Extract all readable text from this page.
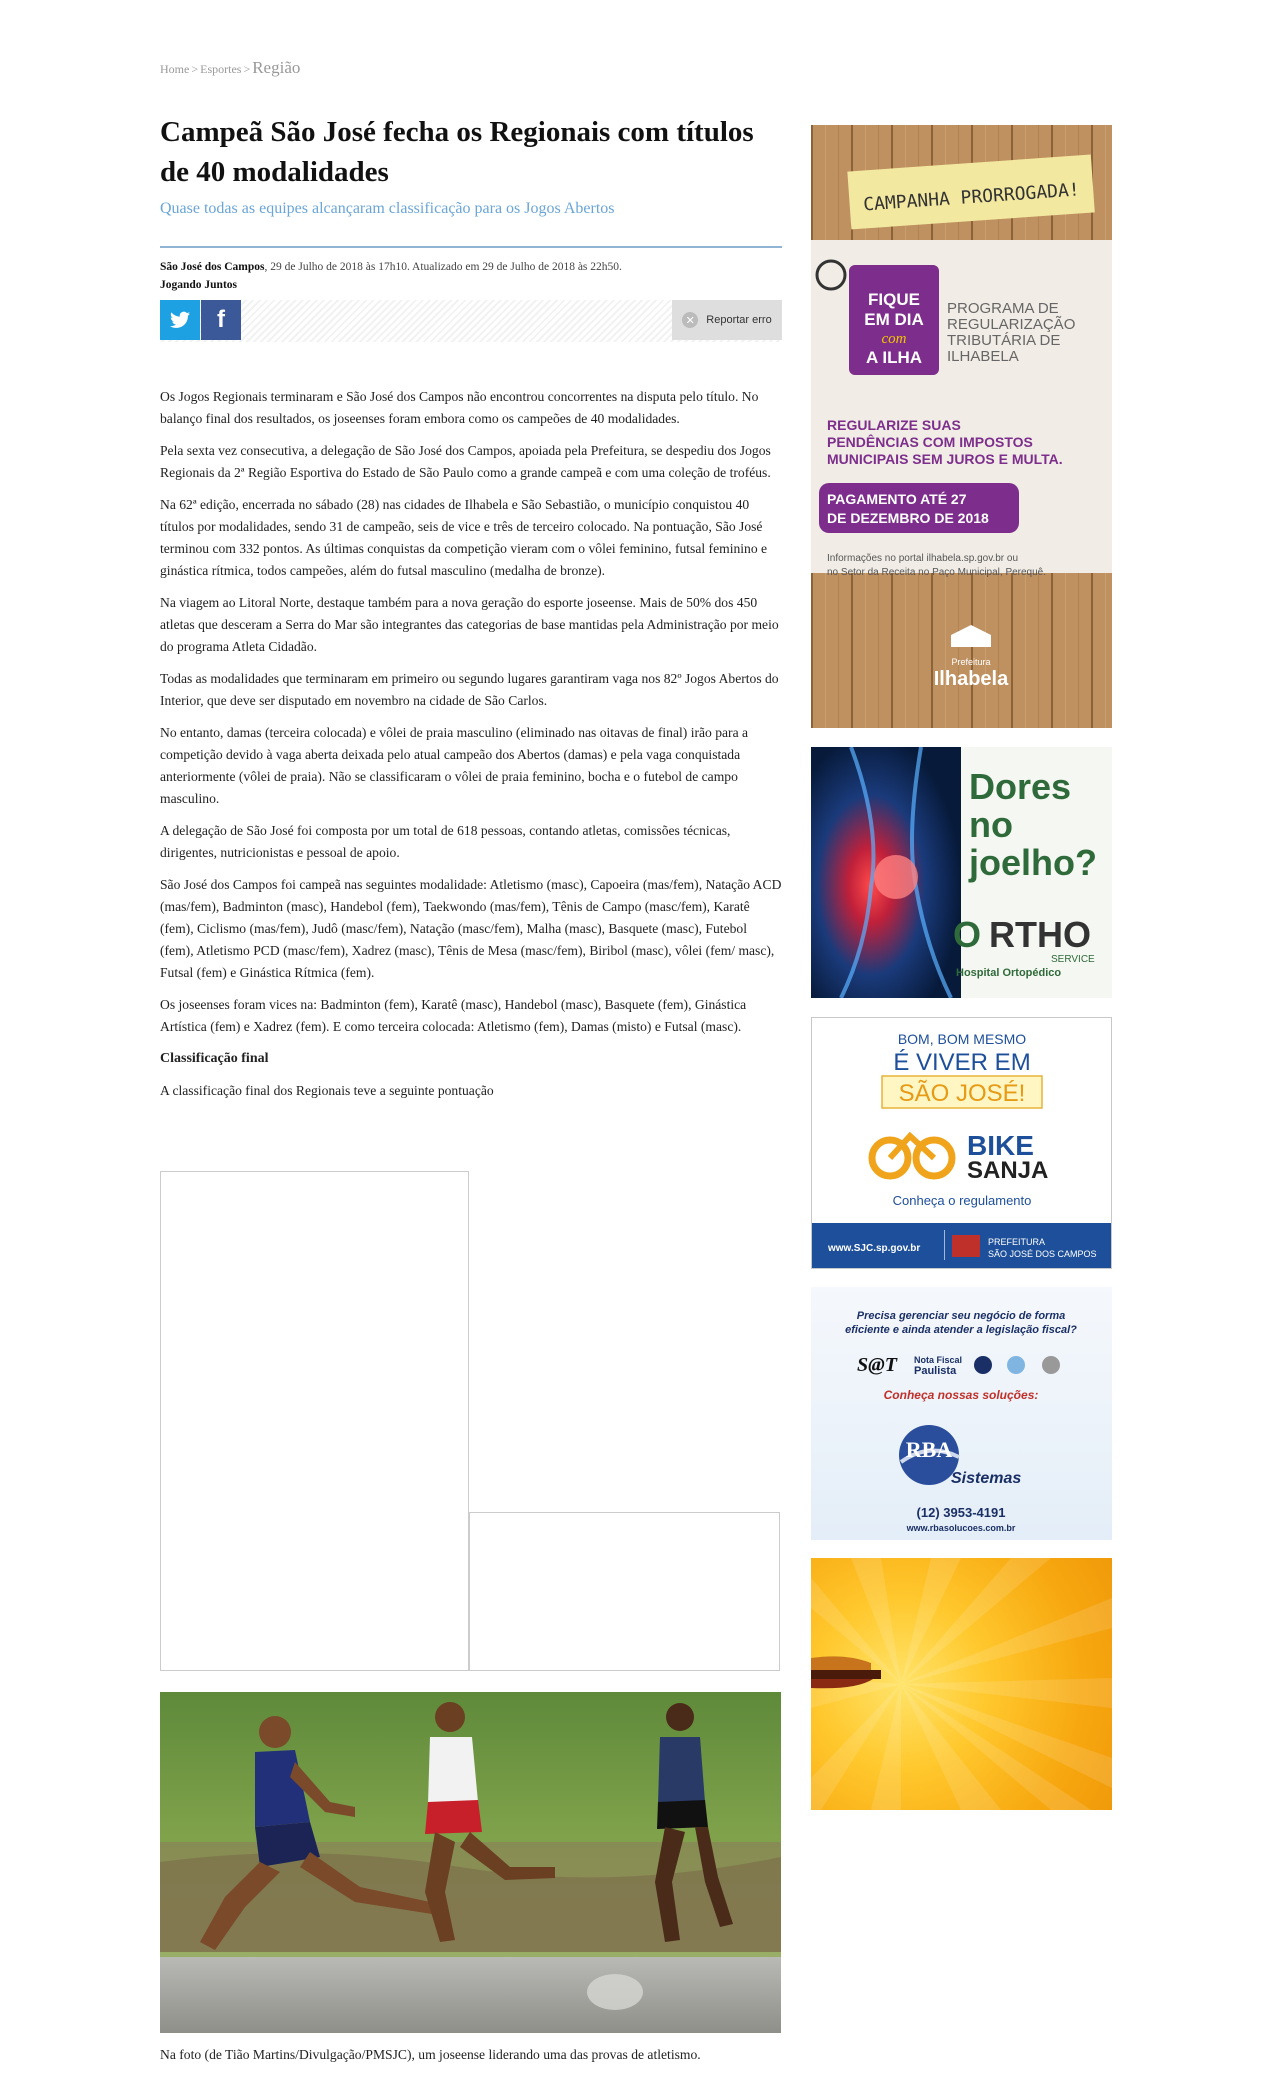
Home > Esportes > Região
Campeã São José fecha os Regionais com títulos de 40 modalidades
Quase todas as equipes alcançaram classificação para os Jogos Abertos
São José dos Campos, 29 de Julho de 2018 às 17h10. Atualizado em 29 de Julho de 2018 às 22h50.
Jogando Juntos
f	✕	Reportar erro

Os Jogos Regionais terminaram e São José dos Campos não encontrou concorrentes na disputa pelo título. No balanço final dos resultados, os joseenses foram embora como os campeões de 40 modalidades.

Pela sexta vez consecutiva, a delegação de São José dos Campos, apoiada pela Prefeitura, se despediu dos Jogos Regionais da 2ª Região Esportiva do Estado de São Paulo como a grande campeã e com uma coleção de troféus.

Na 62ª edição, encerrada no sábado (28) nas cidades de Ilhabela e São Sebastião, o município conquistou 40 títulos por modalidades, sendo 31 de campeão, seis de vice e três de terceiro colocado. Na pontuação, São José terminou com 332 pontos. As últimas conquistas da competição vieram com o vôlei feminino, futsal feminino e ginástica rítmica, todos campeões, além do futsal masculino (medalha de bronze).

Na viagem ao Litoral Norte, destaque também para a nova geração do esporte joseense. Mais de 50% dos 450 atletas que desceram a Serra do Mar são integrantes das categorias de base mantidas pela Administração por meio do programa Atleta Cidadão.

Todas as modalidades que terminaram em primeiro ou segundo lugares garantiram vaga nos 82º Jogos Abertos do Interior, que deve ser disputado em novembro na cidade de São Carlos.

No entanto, damas (terceira colocada) e vôlei de praia masculino (eliminado nas oitavas de final) irão para a competição devido à vaga aberta deixada pelo atual campeão dos Abertos (damas) e pela vaga conquistada anteriormente (vôlei de praia). Não se classificaram o vôlei de praia feminino, bocha e o futebol de campo masculino.

A delegação de São José foi composta por um total de 618 pessoas, contando atletas, comissões técnicas, dirigentes, nutricionistas e pessoal de apoio.

São José dos Campos foi campeã nas seguintes modalidade: Atletismo (masc), Capoeira (mas/fem), Natação ACD (mas/fem), Badminton (masc), Handebol (fem), Taekwondo (mas/fem), Tênis de Campo (masc/fem), Karatê (fem), Ciclismo (mas/fem), Judô (masc/fem), Natação (masc/fem), Malha (masc), Basquete (masc), Futebol (fem), Atletismo PCD (masc/fem), Xadrez (masc), Tênis de Mesa (masc/fem), Biribol (masc), vôlei (fem/ masc), Futsal (fem) e Ginástica Rítmica (fem).

Os joseenses foram vices na: Badminton (fem), Karatê (masc), Handebol (masc), Basquete (fem), Ginástica Artística (fem) e Xadrez (fem). E como terceira colocada: Atletismo (fem), Damas (misto) e Futsal (masc).

Classificação final

A classificação final dos Regionais teve a seguinte pontuação

Na foto (de Tião Martins/Divulgação/PMSJC), um joseense liderando uma das provas de atletismo.
CAMPANHA PRORROGADA!
FIQUE
EM DIA
com
A ILHA
PROGRAMA DE
REGULARIZAÇÃO
TRIBUTÁRIA DE
ILHABELA
REGULARIZE SUAS
PENDÊNCIAS COM IMPOSTOS
MUNICIPAIS SEM JUROS E MULTA.
PAGAMENTO ATÉ 27
DE DEZEMBRO DE 2018
Informações no portal ilhabela.sp.gov.br ou
no Setor da Receita no Paço Municipal, Perequê.
Prefeitura
Ilhabela
Dores
no
joelho?
O RTHO
SERVICE
Hospital Ortopédico
BOM, BOM MESMO
É VIVER EM
SÃO JOSÉ!
BIKE
SANJA
Conheça o regulamento
www.SJC.sp.gov.br
PREFEITURA
SÃO JOSÉ DOS CAMPOS
Precisa gerenciar seu negócio de forma
eficiente e ainda atender a legislação fiscal?
S@T Nota Fiscal
Paulista
Conheça nossas soluções:
RBA
Sistemas
(12) 3953-4191
www.rbasolucoes.com.br
